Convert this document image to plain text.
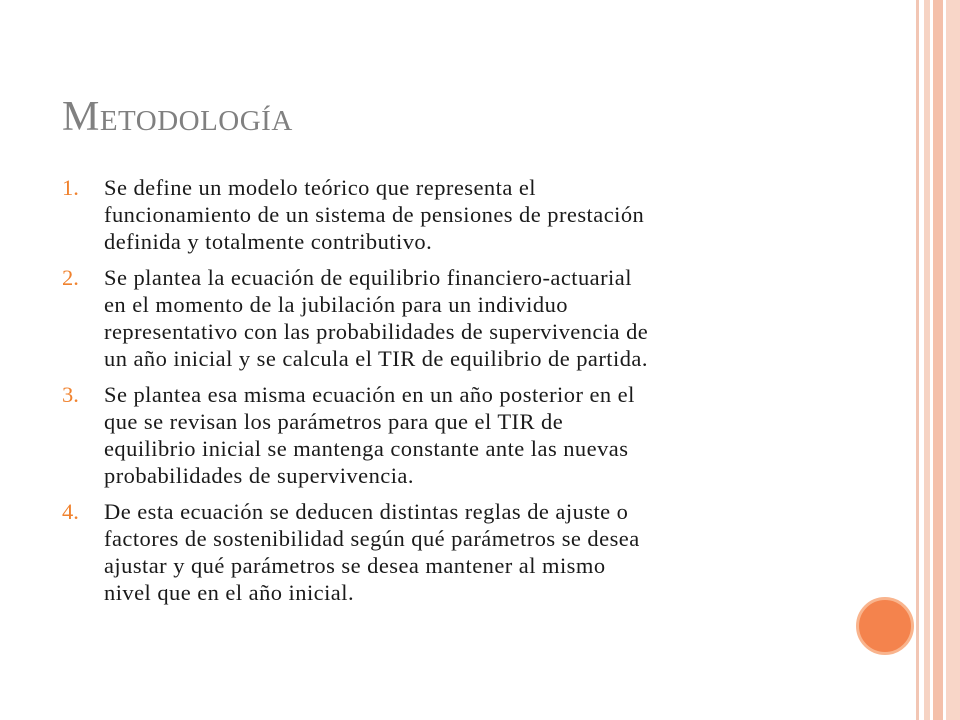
Metodología
1.	Se define un modelo teórico que representa el
funcionamiento de un sistema de pensiones de prestación
definida y totalmente contributivo.
2.	Se plantea la ecuación de equilibrio financiero-actuarial
en el momento de la jubilación para un individuo
representativo con las probabilidades de supervivencia de
un año inicial y se calcula el TIR de equilibrio de partida.
3.	Se plantea esa misma ecuación en un año posterior en el
que se revisan los parámetros para que el TIR de
equilibrio inicial se mantenga constante ante las nuevas
probabilidades de supervivencia.
4.	De esta ecuación se deducen distintas reglas de ajuste o
factores de sostenibilidad según qué parámetros se desea
ajustar y qué parámetros se desea mantener al mismo
nivel que en el año inicial.
